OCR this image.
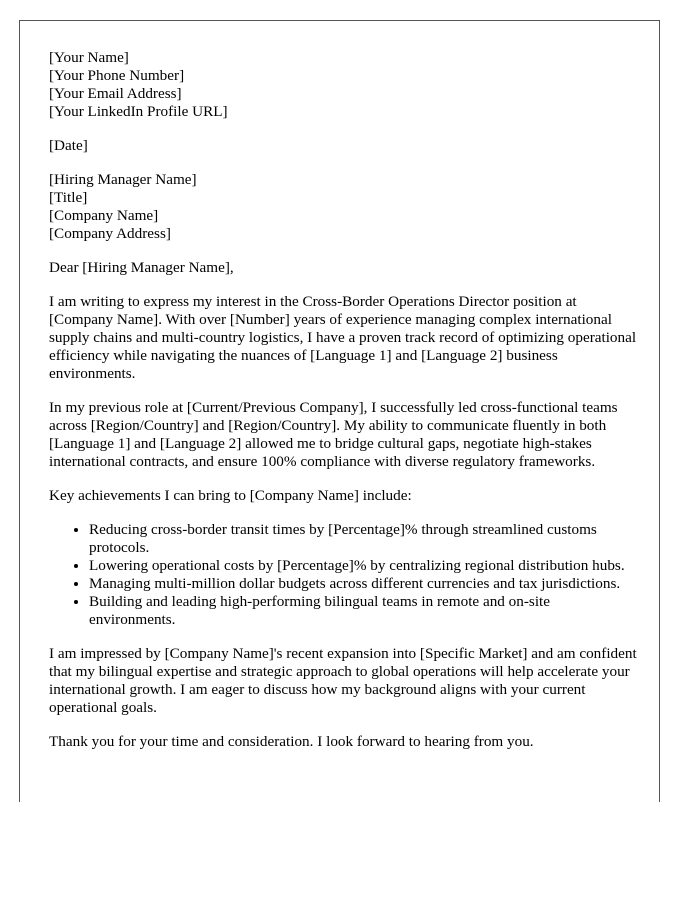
[Your Name]
[Your Phone Number]
[Your Email Address]
[Your LinkedIn Profile URL]
[Date]
[Hiring Manager Name]
[Title]
[Company Name]
[Company Address]

Dear [Hiring Manager Name],

I am writing to express my interest in the Cross-Border Operations Director position at [Company Name]. With over [Number] years of experience managing complex international supply chains and multi-country logistics, I have a proven track record of optimizing operational efficiency while navigating the nuances of [Language 1] and [Language 2] business environments.

In my previous role at [Current/Previous Company], I successfully led cross-functional teams across [Region/Country] and [Region/Country]. My ability to communicate fluently in both [Language 1] and [Language 2] allowed me to bridge cultural gaps, negotiate high-stakes international contracts, and ensure 100% compliance with diverse regulatory frameworks.

Key achievements I can bring to [Company Name] include:

• Reducing cross-border transit times by [Percentage]% through streamlined customs protocols.
• Lowering operational costs by [Percentage]% by centralizing regional distribution hubs.
• Managing multi-million dollar budgets across different currencies and tax jurisdictions.
• Building and leading high-performing bilingual teams in remote and on-site environments.

I am impressed by [Company Name]'s recent expansion into [Specific Market] and am confident that my bilingual expertise and strategic approach to global operations will help accelerate your international growth. I am eager to discuss how my background aligns with your current operational goals.

Thank you for your time and consideration. I look forward to hearing from you.
